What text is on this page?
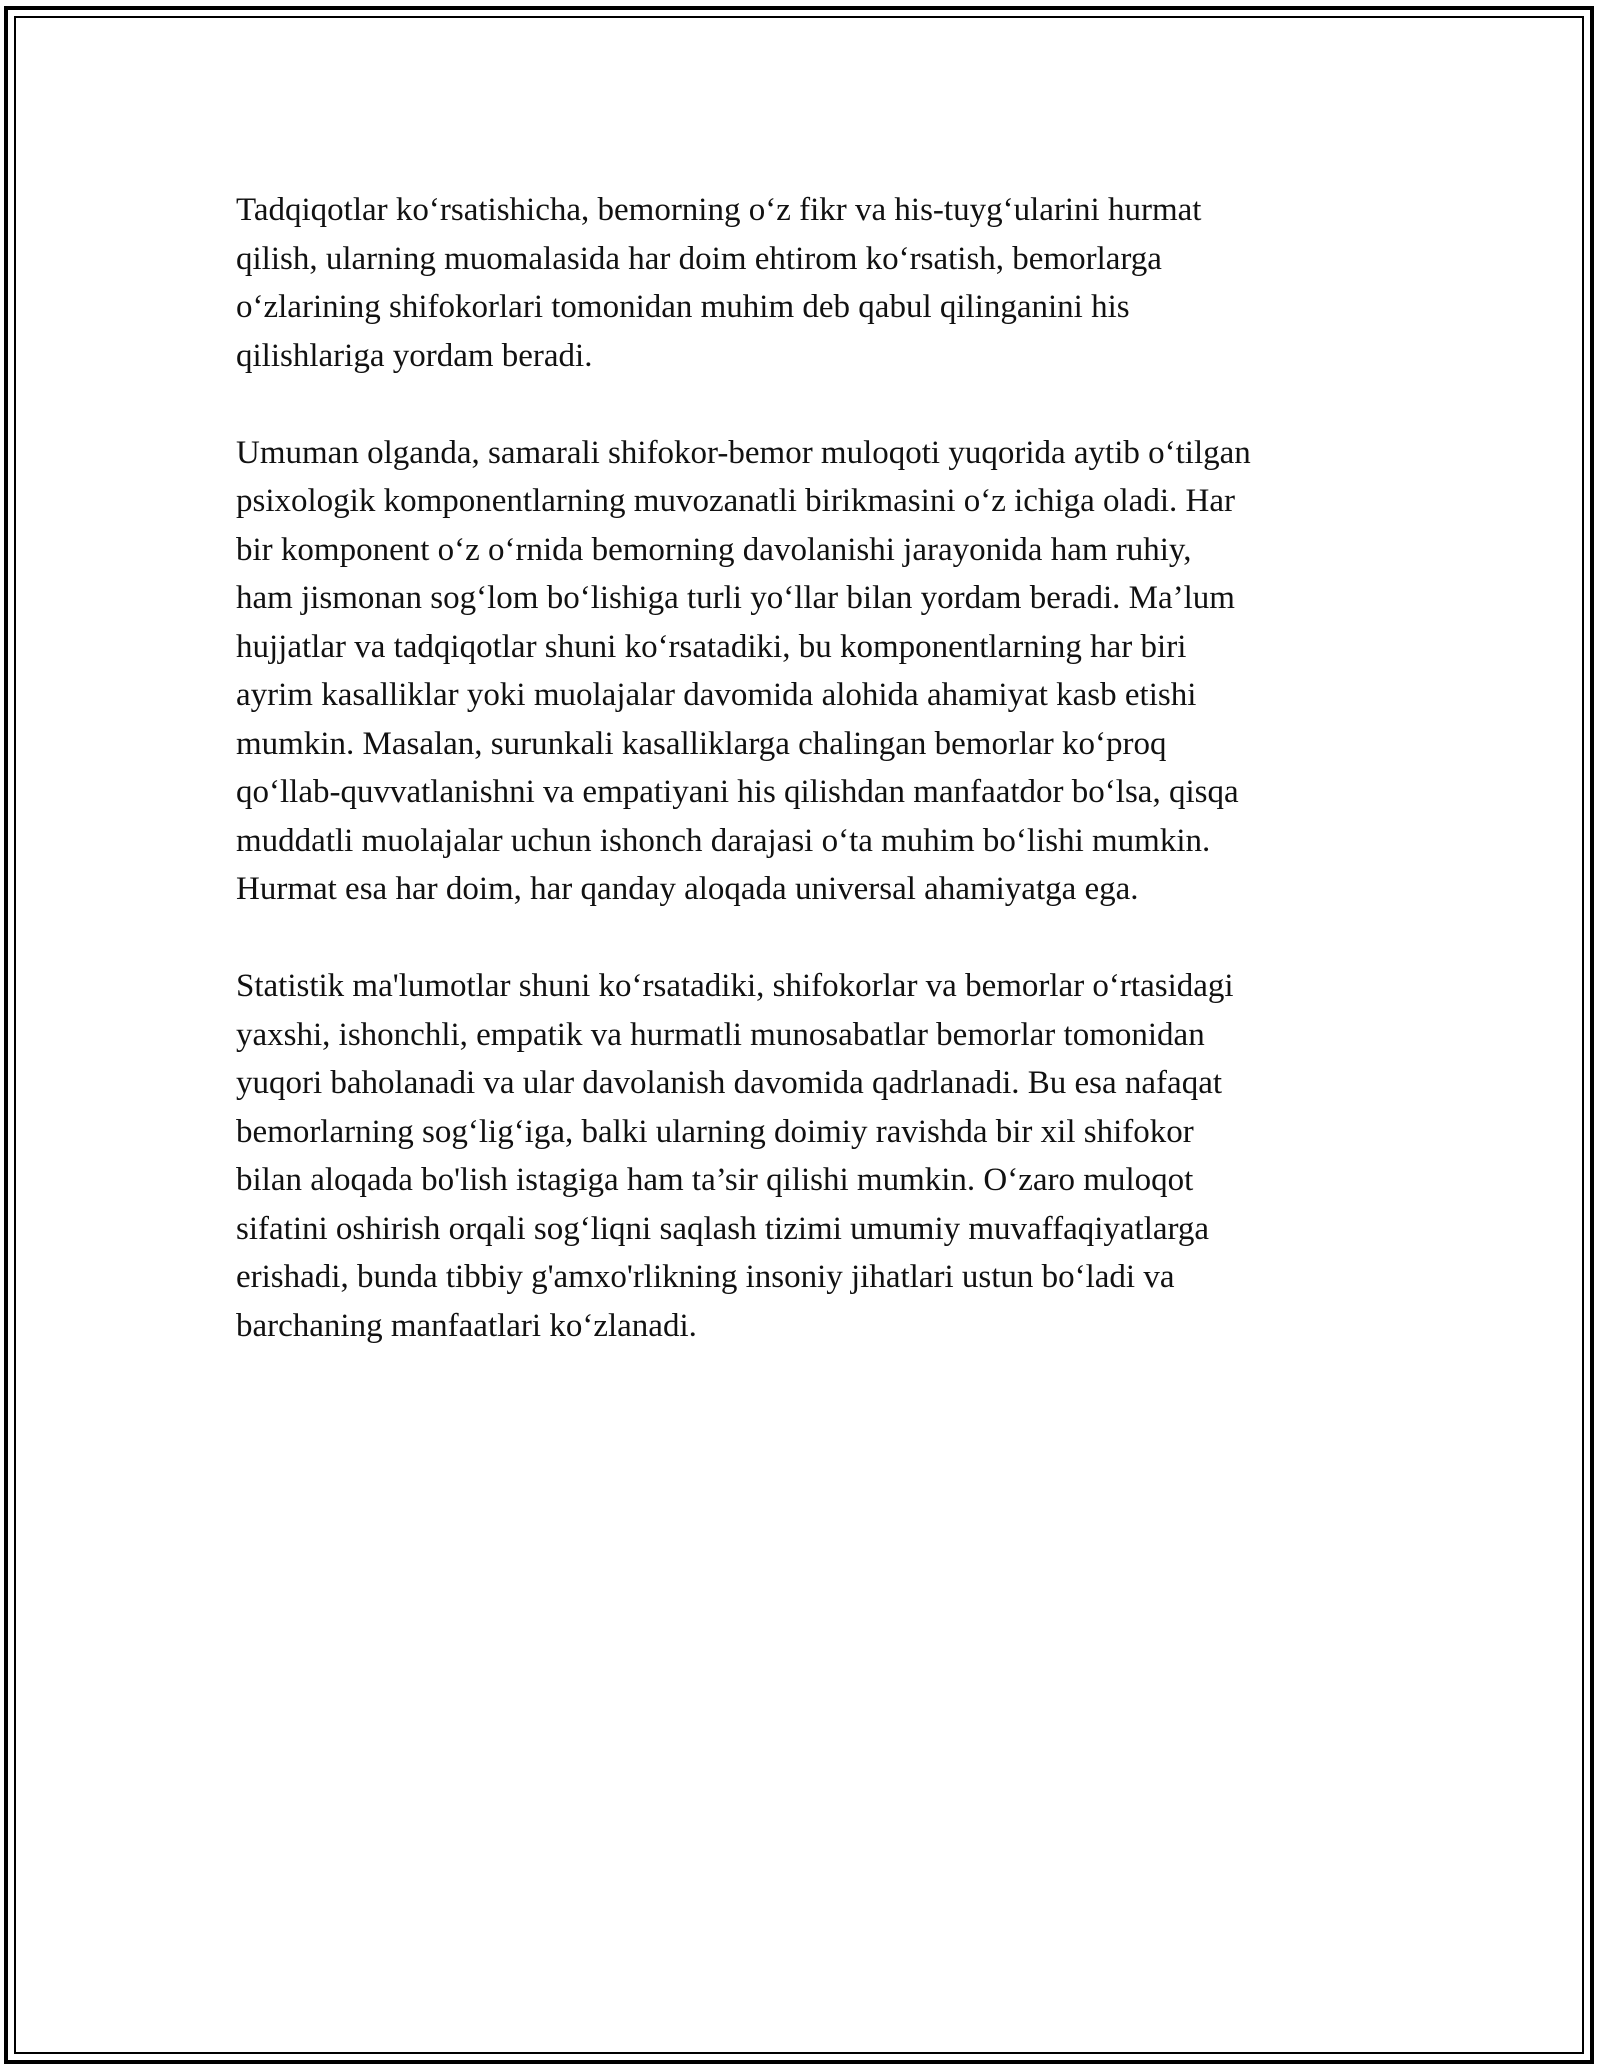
Tadqiqotlar koʻrsatishicha, bemorning oʻz fikr va his-tuygʻularini hurmat
qilish, ularning muomalasida har doim ehtirom koʻrsatish, bemorlarga
oʻzlarining shifokorlari tomonidan muhim deb qabul qilinganini his
qilishlariga yordam beradi.

Umuman olganda, samarali shifokor-bemor muloqoti yuqorida aytib oʻtilgan
psixologik komponentlarning muvozanatli birikmasini oʻz ichiga oladi. Har
bir komponent oʻz oʻrnida bemorning davolanishi jarayonida ham ruhiy,
ham jismonan sogʻlom boʻlishiga turli yoʻllar bilan yordam beradi. Ma’lum
hujjatlar va tadqiqotlar shuni koʻrsatadiki, bu komponentlarning har biri
ayrim kasalliklar yoki muolajalar davomida alohida ahamiyat kasb etishi
mumkin. Masalan, surunkali kasalliklarga chalingan bemorlar koʻproq
qoʻllab-quvvatlanishni va empatiyani his qilishdan manfaatdor boʻlsa, qisqa
muddatli muolajalar uchun ishonch darajasi oʻta muhim boʻlishi mumkin.
Hurmat esa har doim, har qanday aloqada universal ahamiyatga ega.

Statistik ma'lumotlar shuni koʻrsatadiki, shifokorlar va bemorlar oʻrtasidagi
yaxshi, ishonchli, empatik va hurmatli munosabatlar bemorlar tomonidan
yuqori baholanadi va ular davolanish davomida qadrlanadi. Bu esa nafaqat
bemorlarning sogʻligʻiga, balki ularning doimiy ravishda bir xil shifokor
bilan aloqada bo'lish istagiga ham ta’sir qilishi mumkin. Oʻzaro muloqot
sifatini oshirish orqali sogʻliqni saqlash tizimi umumiy muvaffaqiyatlarga
erishadi, bunda tibbiy g'amxo'rlikning insoniy jihatlari ustun boʻladi va
barchaning manfaatlari koʻzlanadi.
